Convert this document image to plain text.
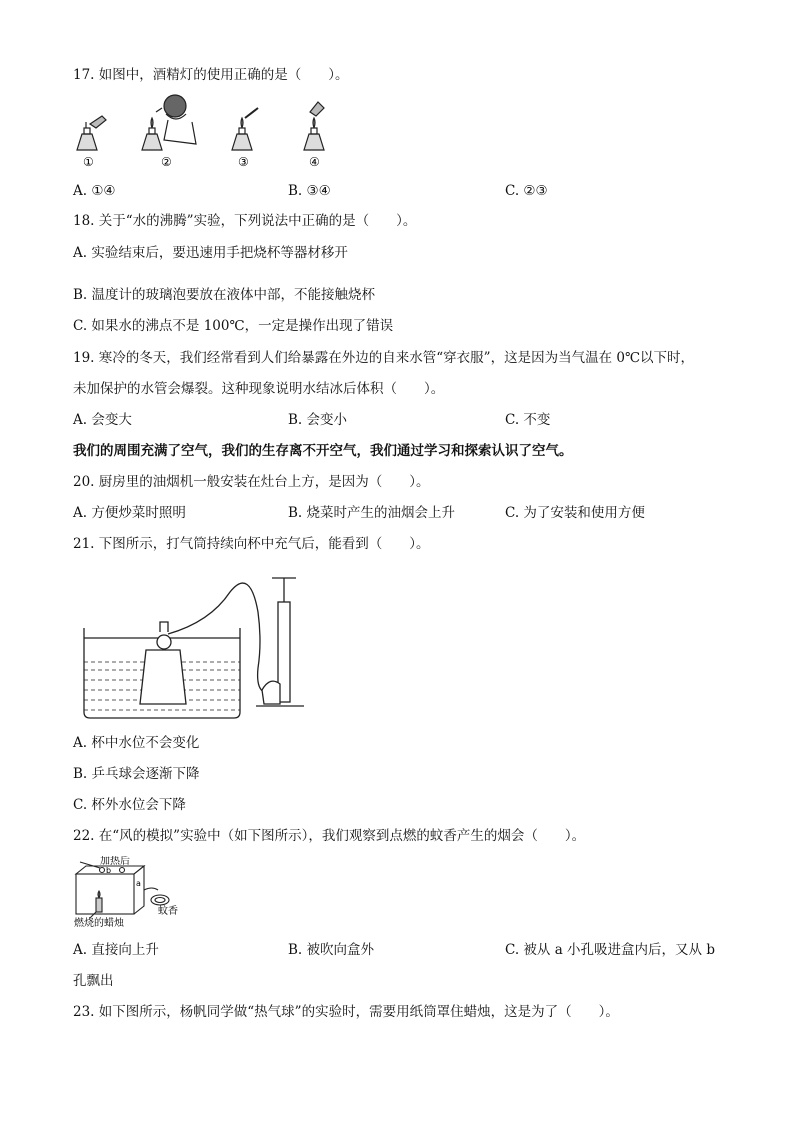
17. 如图中，酒精灯的使用正确的是（　　）。
①	②	③	④
A. ①④	B. ③④	C. ②③
18. 关于“水的沸腾”实验，下列说法中正确的是（　　）。
A. 实验结束后，要迅速用手把烧杯等器材移开
B. 温度计的玻璃泡要放在液体中部，不能接触烧杯
C. 如果水的沸点不是 100℃，一定是操作出现了错误
19. 寒冷的冬天，我们经常看到人们给暴露在外边的自来水管“穿衣服”，这是因为当气温在 0℃以下时，
未加保护的水管会爆裂。这种现象说明水结冰后体积（　　）。
A. 会变大	B. 会变小	C. 不变
我们的周围充满了空气，我们的生存离不开空气，我们通过学习和探索认识了空气。
20. 厨房里的油烟机一般安装在灶台上方，是因为（　　）。
A. 方便炒菜时照明	B. 烧菜时产生的油烟会上升	C. 为了安装和使用方便
21. 下图所示，打气筒持续向杯中充气后，能看到（　　）。
A. 杯中水位不会变化
B. 乒乓球会逐渐下降
C. 杯外水位会下降
22. 在“风的模拟”实验中（如下图所示），我们观察到点燃的蚊香产生的烟会（　　）。
加热后
b
a
蚊香
燃烧的蜡烛
A. 直接向上升	B. 被吹向盒外	C. 被从 a 小孔吸进盒内后，又从 b
孔飘出
23. 如下图所示，杨帆同学做“热气球”的实验时，需要用纸筒罩住蜡烛，这是为了（　　）。
